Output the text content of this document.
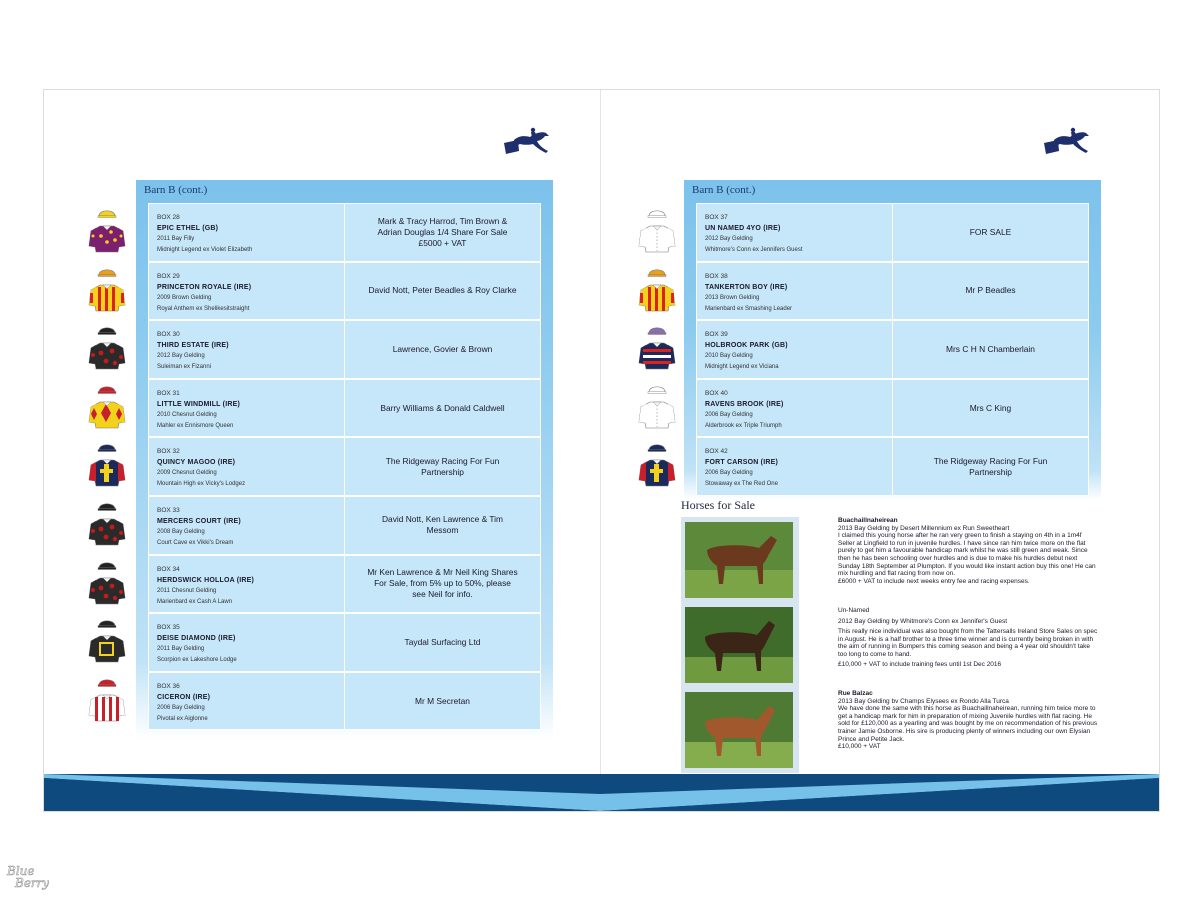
Barn B (cont.)
BOX 28
EPIC ETHEL (GB)
2011 Bay Filly
Midnight Legend ex Violet Elizabeth
Mark & Tracy Harrod, Tim Brown & Adrian Douglas 1/4 Share For Sale £5000 + VAT
BOX 29
PRINCETON ROYALE (IRE)
2009 Brown Gelding
Royal Anthem ex Shelikesitstraight
David Nott, Peter Beadles & Roy Clarke
BOX 30
THIRD ESTATE (IRE)
2012 Bay Gelding
Suleiman ex Fizanni
Lawrence, Govier & Brown
BOX 31
LITTLE WINDMILL (IRE)
2010 Chesnut Gelding
Mahler ex Ennismore Queen
Barry Williams & Donald Caldwell
BOX 32
QUINCY MAGOO (IRE)
2009 Chesnut Gelding
Mountain High ex Vicky's Lodgez
The Ridgeway Racing For Fun Partnership
BOX 33
MERCERS COURT (IRE)
2008 Bay Gelding
Court Cave ex Vikki's Dream
David Nott, Ken Lawrence & Tim Messom
BOX 34
HERDSWICK HOLLOA (IRE)
2011 Chesnut Gelding
Marienbard ex Cash A Lawn
Mr Ken Lawrence & Mr Neil King Shares For Sale, from 5% up to 50%, please see Neil for info.
BOX 35
DEISE DIAMOND (IRE)
2011 Bay Gelding
Scorpion ex Lakeshore Lodge
Taydal Surfacing Ltd
BOX 36
CICERON (IRE)
2006 Bay Gelding
Pivotal ex Aiglonne
Mr M Secretan
Barn B (cont.)
BOX 37
UN NAMED 4YO (IRE)
2012 Bay Gelding
Whitmore's Conn ex Jennifers Guest
FOR SALE
BOX 38
TANKERTON BOY (IRE)
2013 Brown Gelding
Marienbard ex Smashing Leader
Mr P Beadles
BOX 39
HOLBROOK PARK (GB)
2010 Bay Gelding
Midnight Legend ex Viciana
Mrs C H N Chamberlain
BOX 40
RAVENS BROOK (IRE)
2006 Bay Gelding
Alderbrook ex Triple Triumph
Mrs C King
BOX 42
FORT CARSON (IRE)
2006 Bay Gelding
Stowaway ex The Red One
The Ridgeway Racing For Fun Partnership
Horses for Sale
Buachaillnaheirean
2013 Bay Gelding by Desert Millennium ex Run Sweetheart

I claimed this young horse after he ran very green to finish a staying on 4th in a 1m4f Seller at Lingfield to run in juvenile hurdles. I have since ran him twice more on the flat purely to get him a favourable handicap mark whilst he was still green and weak. Since then he has been schooling over hurdles and is due to make his hurdles debut next Sunday 18th September at Plumpton. If you would like instant action buy this one! He can mix hurdling and flat racing from now on.

£6000 + VAT to include next weeks entry fee and racing expenses.
Un-Named
2012 Bay Gelding by Whitmore's Conn ex Jennifer's Guest

This really nice individual was also bought from the Tattersalls Ireland Store Sales on spec in August. He is a half brother to a three time winner and is currently being broken in with the aim of running in Bumpers this coming season and being a 4 year old shouldn't take too long to come to hand.

£10,000 + VAT to include training fees until 1st Dec 2016
Rue Balzac
2013 Bay Gelding bv Champs Elysees ex Rondo Alla Turca

We have done the same with this horse as Buachaillnaheirean, running him twice more to get a handicap mark for him in preparation of mixing Juvenile hurdles with flat racing. He sold for £120,000 as a yearling and was bought by me on recommendation of his previous trainer Jamie Osborne. His sire is producing plenty of winners including our own Elysian Prince and Petite Jack.

£10,000 + VAT
Blue
Berry
